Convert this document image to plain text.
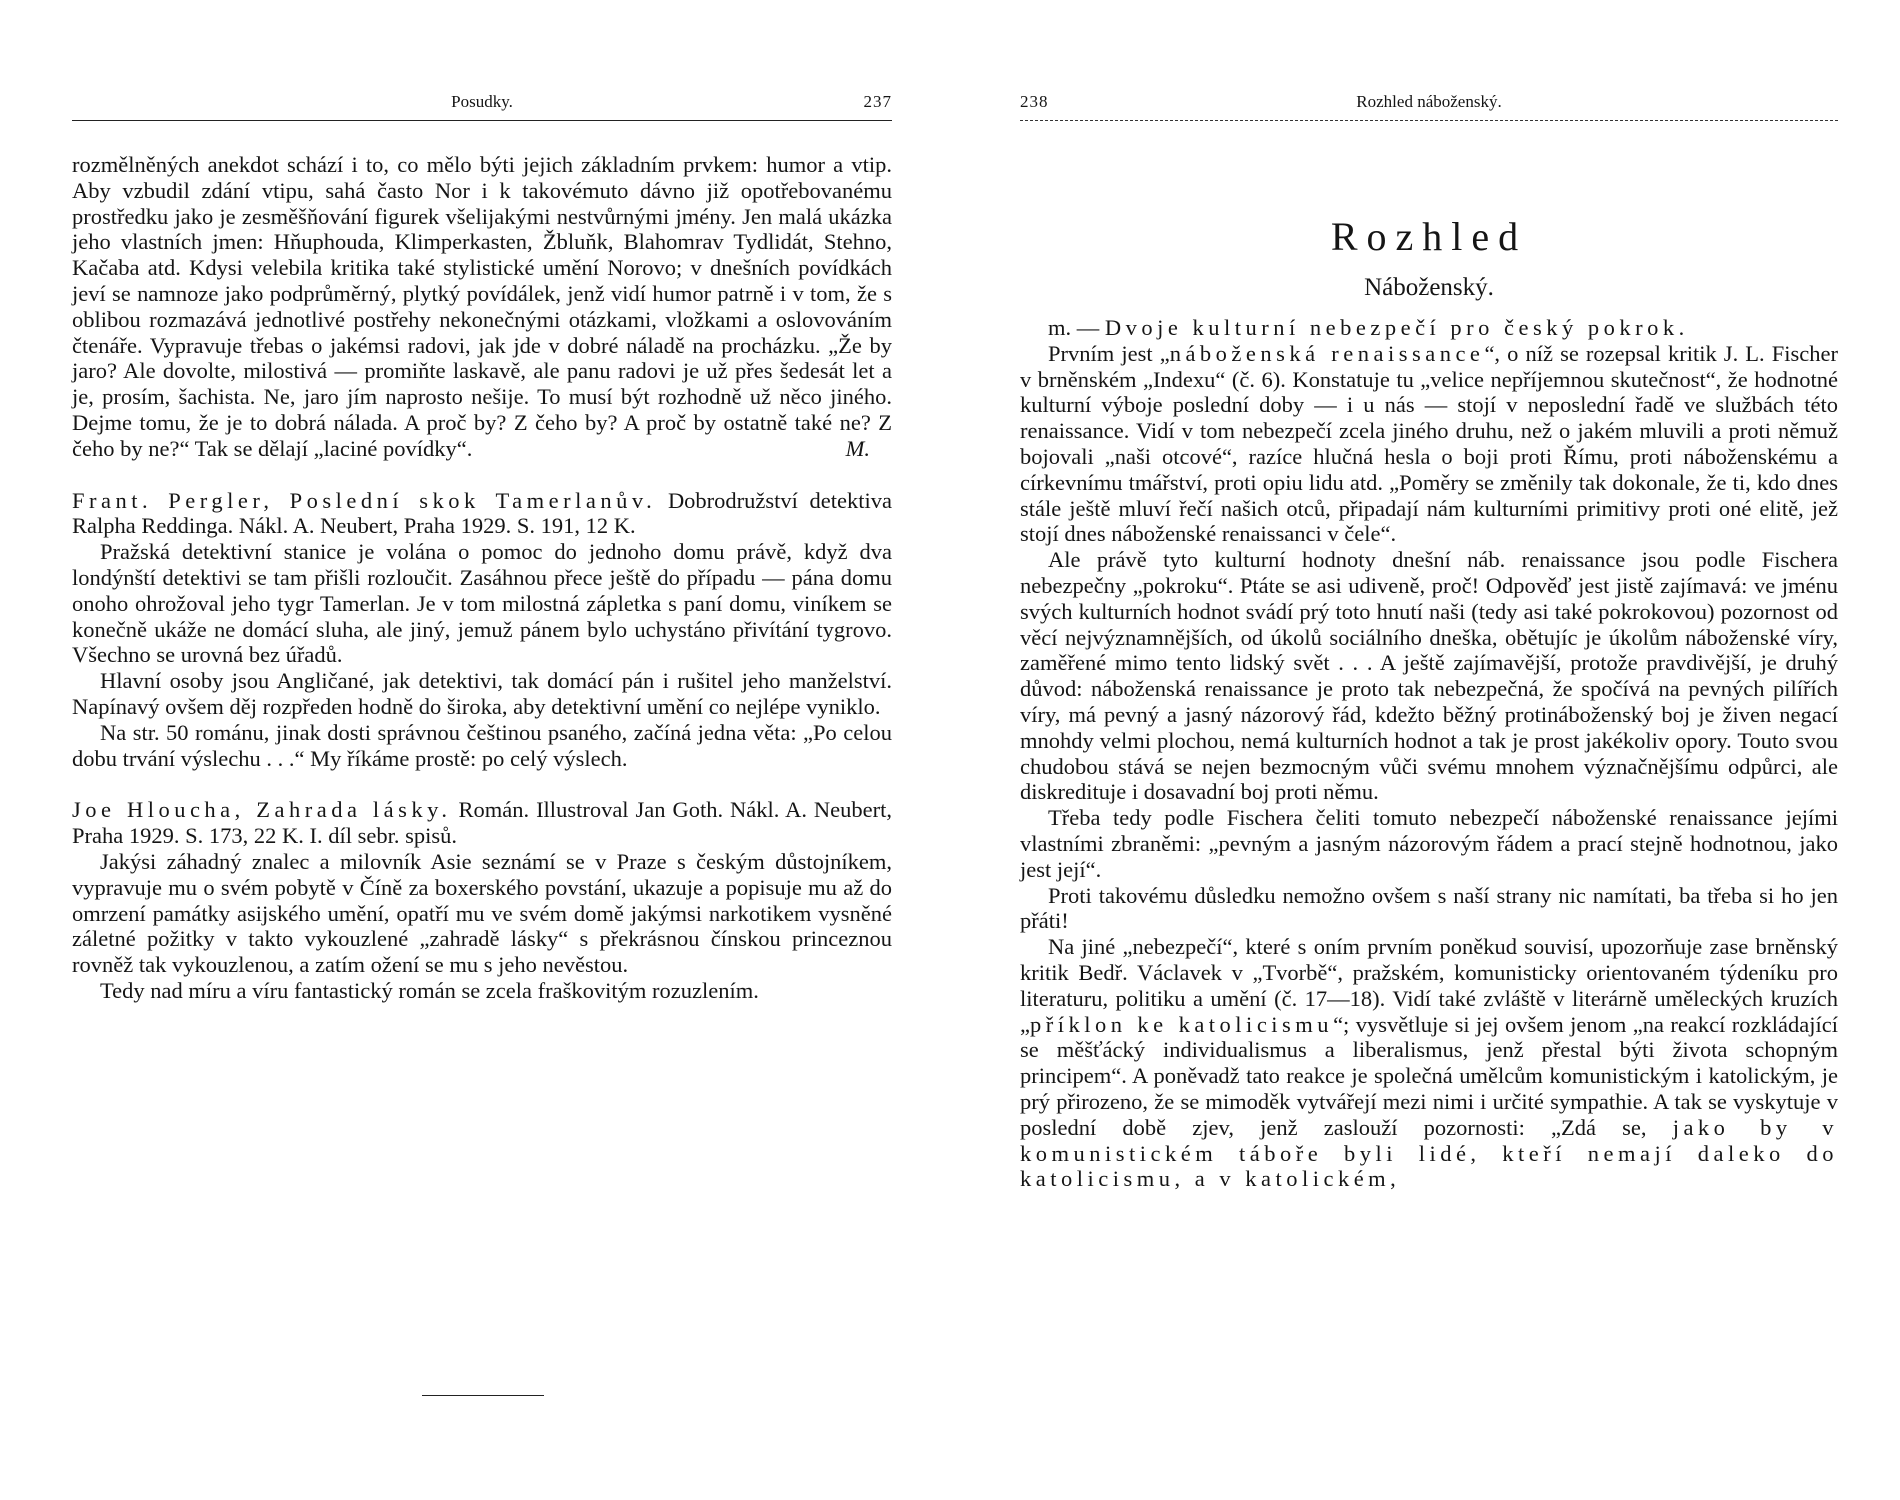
Posudky.	237

rozmělněných anekdot schází i to, co mělo býti jejich základním prvkem: humor a vtip. Aby vzbudil zdání vtipu, sahá často Nor i k takovémuto dávno již opotřebovanému prostředku jako je zesměšňování figurek všelijakými nestvůrnými jmény. Jen malá ukázka jeho vlastních jmen: Hňuphouda, Klimperkasten, Žbluňk, Blahomrav Tydlidát, Stehno, Kačaba atd. Kdysi velebila kritika také stylistické umění Norovo; v dnešních povídkách jeví se namnoze jako podprůměrný, plytký povídálek, jenž vidí humor patrně i v tom, že s oblibou rozmazává jednotlivé postřehy nekonečnými otázkami, vložkami a oslovováním čtenáře. Vypravuje třebas o jakémsi radovi, jak jde v dobré náladě na procházku. „Že by jaro? Ale dovolte, milostivá — promiňte laskavě, ale panu radovi je už přes šedesát let a je, prosím, šachista. Ne, jaro jím naprosto nešije. To musí být rozhodně už něco jiného. Dejme tomu, že je to dobrá nálada. A proč by? Z čeho by? A proč by ostatně také ne? Z čeho by ne?“ Tak se dělají „laciné povídky“.	M.

Frant. Pergler, Poslední skok Tamerlanův. Dobrodružství detektiva Ralpha Reddinga. Nákl. A. Neubert, Praha 1929. S. 191, 12 K.

Pražská detektivní stanice je volána o pomoc do jednoho domu právě, když dva londýnští detektivi se tam přišli rozloučit. Zasáhnou přece ještě do případu — pána domu onoho ohrožoval jeho tygr Tamerlan. Je v tom milostná zápletka s paní domu, viníkem se konečně ukáže ne domácí sluha, ale jiný, jemuž pánem bylo uchystáno přivítání tygrovo. Všechno se urovná bez úřadů.

Hlavní osoby jsou Angličané, jak detektivi, tak domácí pán i rušitel jeho manželství. Napínavý ovšem děj rozpředen hodně do široka, aby detektivní umění co nejlépe vyniklo.

Na str. 50 románu, jinak dosti správnou češtinou psaného, začíná jedna věta: „Po celou dobu trvání výslechu . . .“ My říkáme prostě: po celý výslech.

Joe Hloucha, Zahrada lásky. Román. Illustroval Jan Goth. Nákl. A. Neubert, Praha 1929. S. 173, 22 K. I. díl sebr. spisů.

Jakýsi záhadný znalec a milovník Asie seznámí se v Praze s českým důstojníkem, vypravuje mu o svém pobytě v Číně za boxerského povstání, ukazuje a popisuje mu až do omrzení památky asijského umění, opatří mu ve svém domě jakýmsi narkotikem vysněné záletné požitky v takto vykouzlené „zahradě lásky“ s překrásnou čínskou princeznou rovněž tak vykouzlenou, a zatím ožení se mu s jeho nevěstou.

Tedy nad míru a víru fantastický román se zcela fraškovitým rozuzlením.

238	Rozhled náboženský.
Rozhled
Náboženský.

m. — Dvoje kulturní nebezpečí pro český pokrok.

Prvním jest „náboženská renaissance“, o níž se rozepsal kritik J. L. Fischer v brněnském „Indexu“ (č. 6). Konstatuje tu „velice nepříjemnou skutečnost“, že hodnotné kulturní výboje poslední doby — i u nás — stojí v neposlední řadě ve službách této renaissance. Vidí v tom nebezpečí zcela jiného druhu, než o jakém mluvili a proti němuž bojovali „naši otcové“, razíce hlučná hesla o boji proti Římu, proti náboženskému a církevnímu tmářství, proti opiu lidu atd. „Poměry se změnily tak dokonale, že ti, kdo dnes stále ještě mluví řečí našich otců, připadají nám kulturními primitivy proti oné elitě, jež stojí dnes náboženské renaissanci v čele“.

Ale právě tyto kulturní hodnoty dnešní náb. renaissance jsou podle Fischera nebezpečny „pokroku“. Ptáte se asi udiveně, proč! Odpověď jest jistě zajímavá: ve jménu svých kulturních hodnot svádí prý toto hnutí naši (tedy asi také pokrokovou) pozornost od věcí nejvýznamnějších, od úkolů sociálního dneška, obětujíc je úkolům náboženské víry, zaměřené mimo tento lidský svět . . . A ještě zajímavější, protože pravdivější, je druhý důvod: náboženská renaissance je proto tak nebezpečná, že spočívá na pevných pilířích víry, má pevný a jasný názorový řád, kdežto běžný protináboženský boj je živen negací mnohdy velmi plochou, nemá kulturních hodnot a tak je prost jakékoliv opory. Touto svou chudobou stává se nejen bezmocným vůči svému mnohem význačnějšímu odpůrci, ale diskredituje i dosavadní boj proti němu.

Třeba tedy podle Fischera čeliti tomuto nebezpečí náboženské renaissance jejími vlastními zbraněmi: „pevným a jasným názorovým řádem a prací stejně hodnotnou, jako jest její“.

Proti takovému důsledku nemožno ovšem s naší strany nic namítati, ba třeba si ho jen přáti!

Na jiné „nebezpečí“, které s oním prvním poněkud souvisí, upozorňuje zase brněnský kritik Bedř. Václavek v „Tvorbě“, pražském, komunisticky orientovaném týdeníku pro literaturu, politiku a umění (č. 17—18). Vidí také zvláště v literárně uměleckých kruzích „příklon ke katolicismu“; vysvětluje si jej ovšem jenom „na reakcí rozkládající se měšťácký individualismus a liberalismus, jenž přestal býti života schopným principem“. A poněvadž tato reakce je společná umělcům komunistickým i katolickým, je prý přirozeno, že se mimoděk vytvářejí mezi nimi i určité sympathie. A tak se vyskytuje v poslední době zjev, jenž zaslouží pozornosti: „Zdá se, jako by v komunistickém táboře byli lidé, kteří nemají daleko do katolicismu, a v katolickém,
